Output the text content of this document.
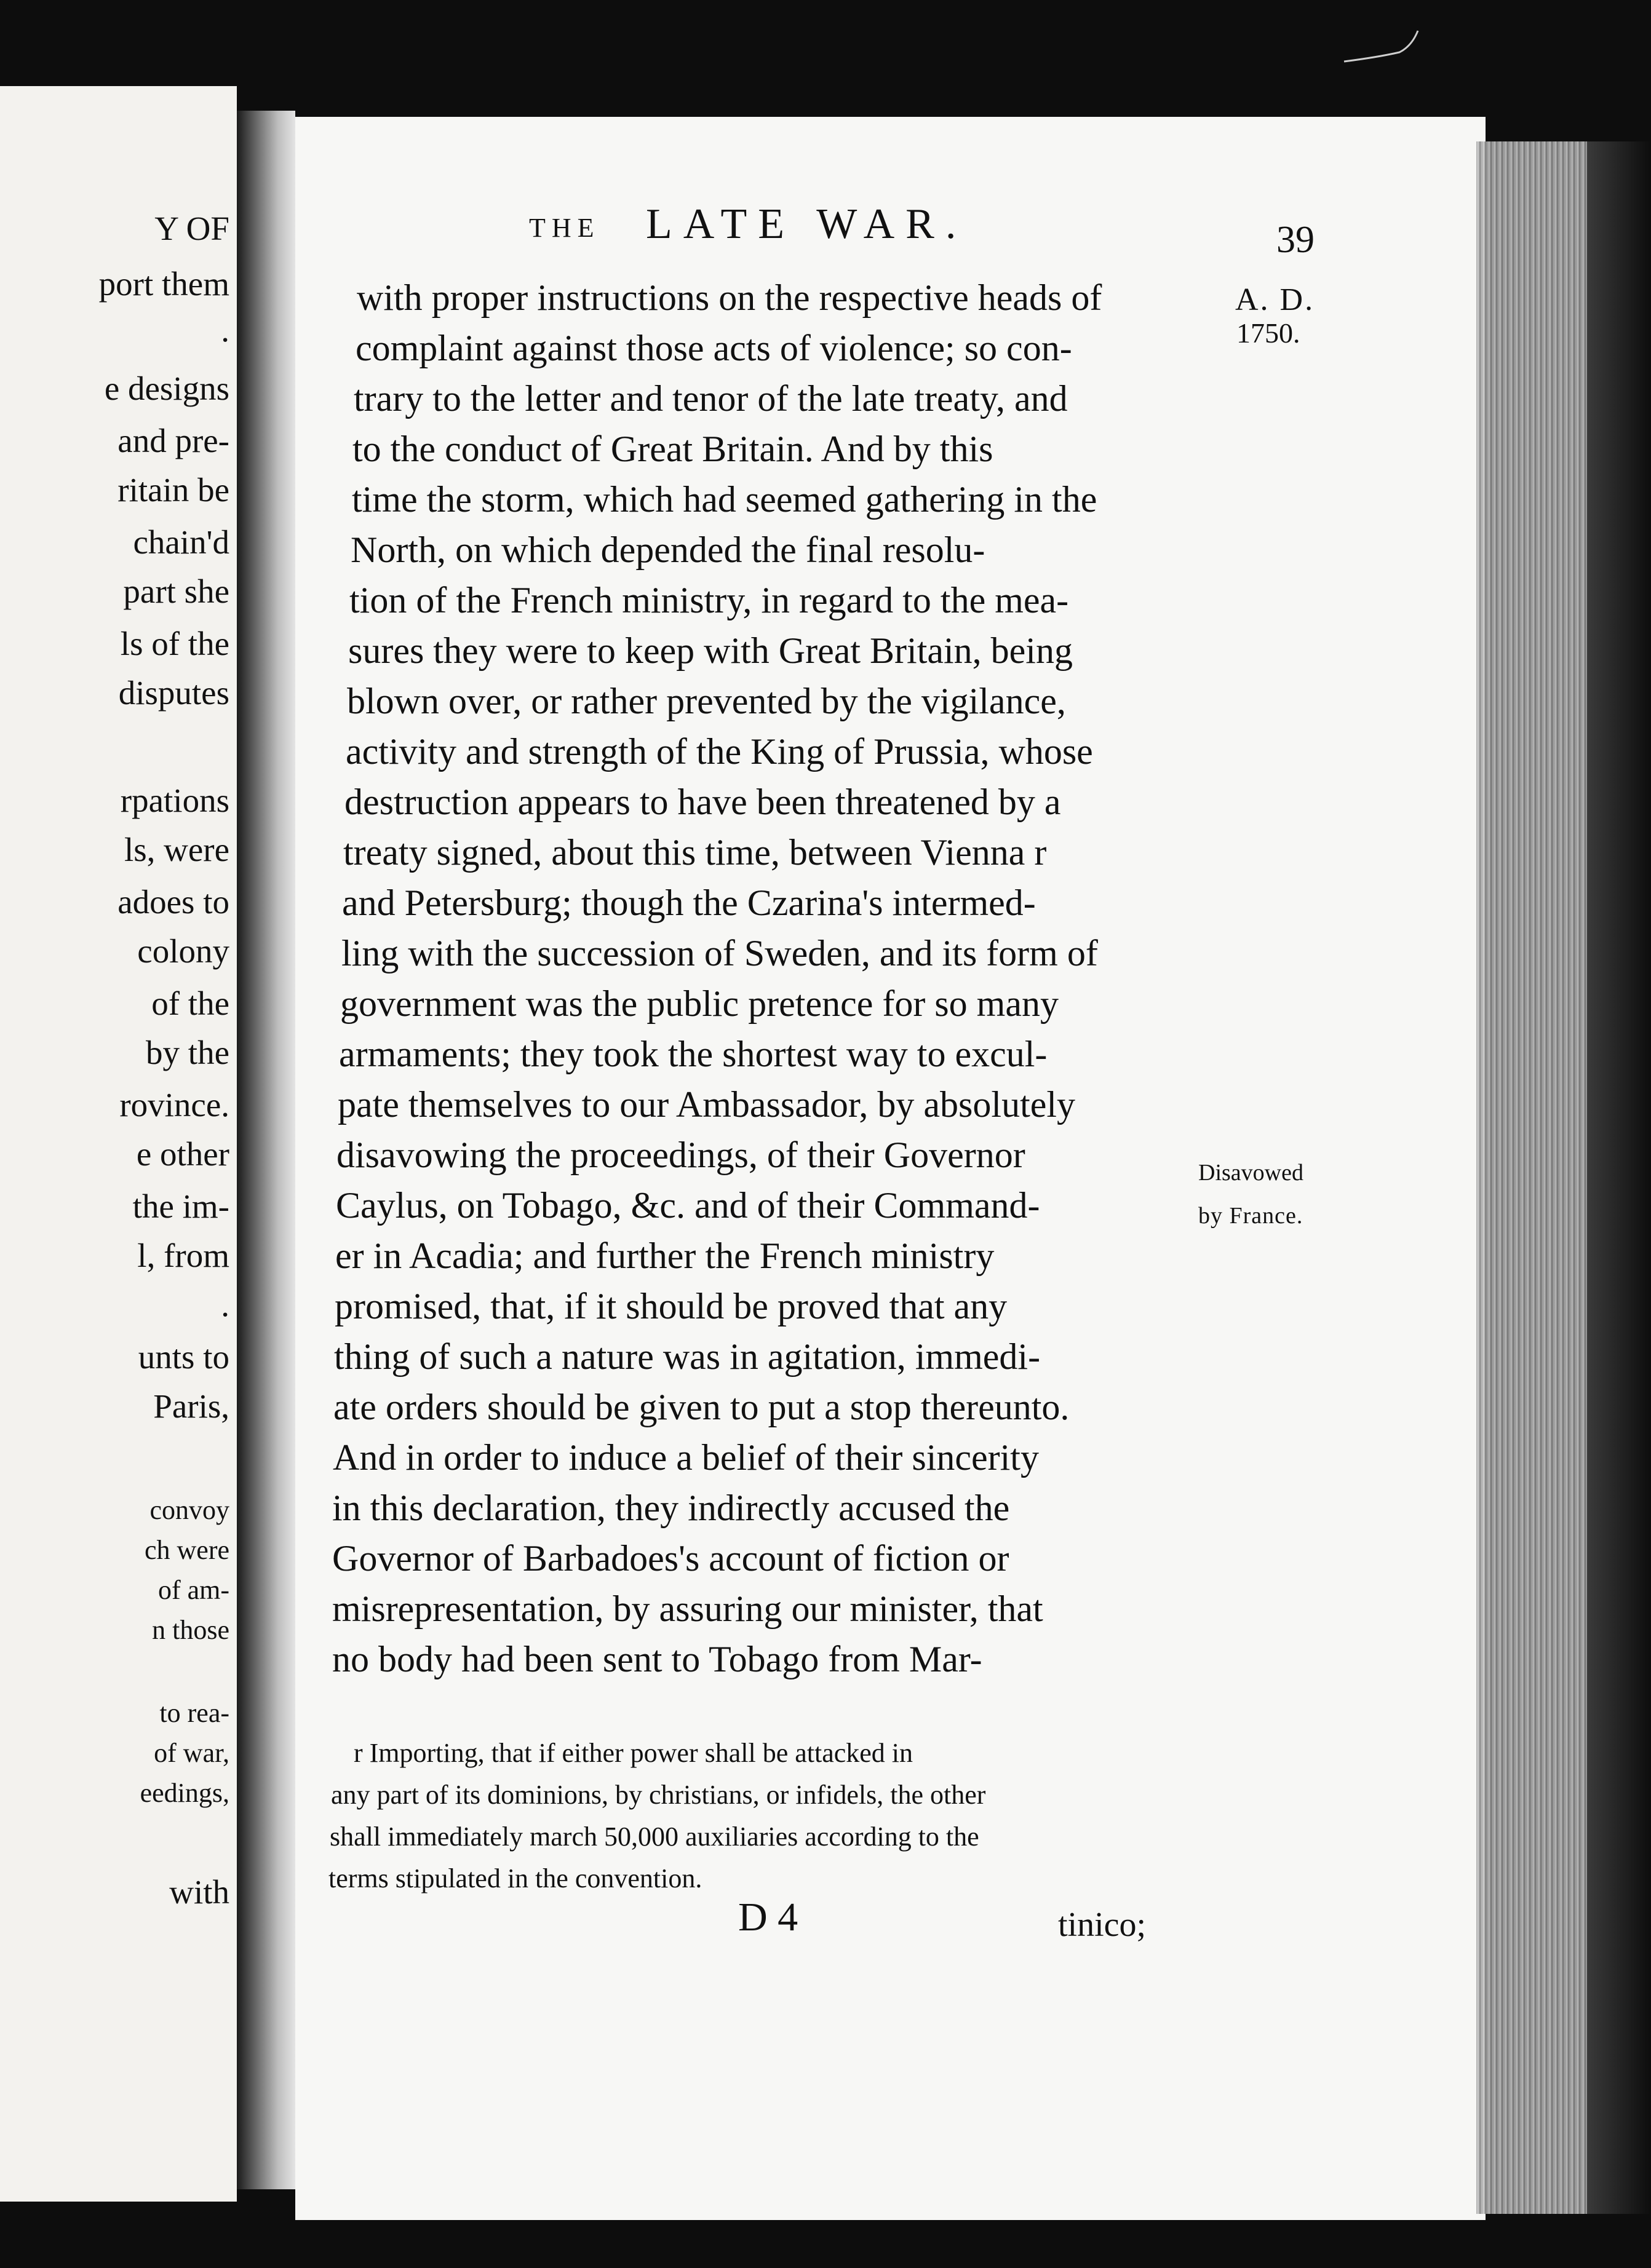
Y OF
port them
.
e designs
and pre-
ritain be
chain'd
part she
ls of the
disputes
rpations
ls, were
adoes to
colony
of the
by the
rovince.
e other
the im-
l, from
.
unts to
Paris,
convoy
ch were
of am-
n those
to rea-
of war,
eedings,
with
THE LATE WAR.	39
A. D.
1750.
Disavowed
by France.
with proper instructions on the respective heads of
complaint against those acts of violence; so con-
trary to the letter and tenor of the late treaty, and
to the conduct of Great Britain. And by this
time the storm, which had seemed gathering in the
North, on which depended the final resolu-
tion of the French ministry, in regard to the mea-
sures they were to keep with Great Britain, being
blown over, or rather prevented by the vigilance,
activity and strength of the King of Prussia, whose
destruction appears to have been threatened by a
treaty signed, about this time, between Vienna r
and Petersburg; though the Czarina's intermed-
ling with the succession of Sweden, and its form of
government was the public pretence for so many
armaments; they took the shortest way to excul-
pate themselves to our Ambassador, by absolutely
disavowing the proceedings, of their Governor
Caylus, on Tobago, &c. and of their Command-
er in Acadia; and further the French ministry
promised, that, if it should be proved that any
thing of such a nature was in agitation, immedi-
ate orders should be given to put a stop thereunto.
And in order to induce a belief of their sincerity
in this declaration, they indirectly accused the
Governor of Barbadoes's account of fiction or
misrepresentation, by assuring our minister, that
no body had been sent to Tobago from Mar-
r Importing, that if either power shall be attacked in
any part of its dominions, by christians, or infidels, the other
shall immediately march 50,000 auxiliaries according to the
terms stipulated in the convention.
D 4	tinico;
